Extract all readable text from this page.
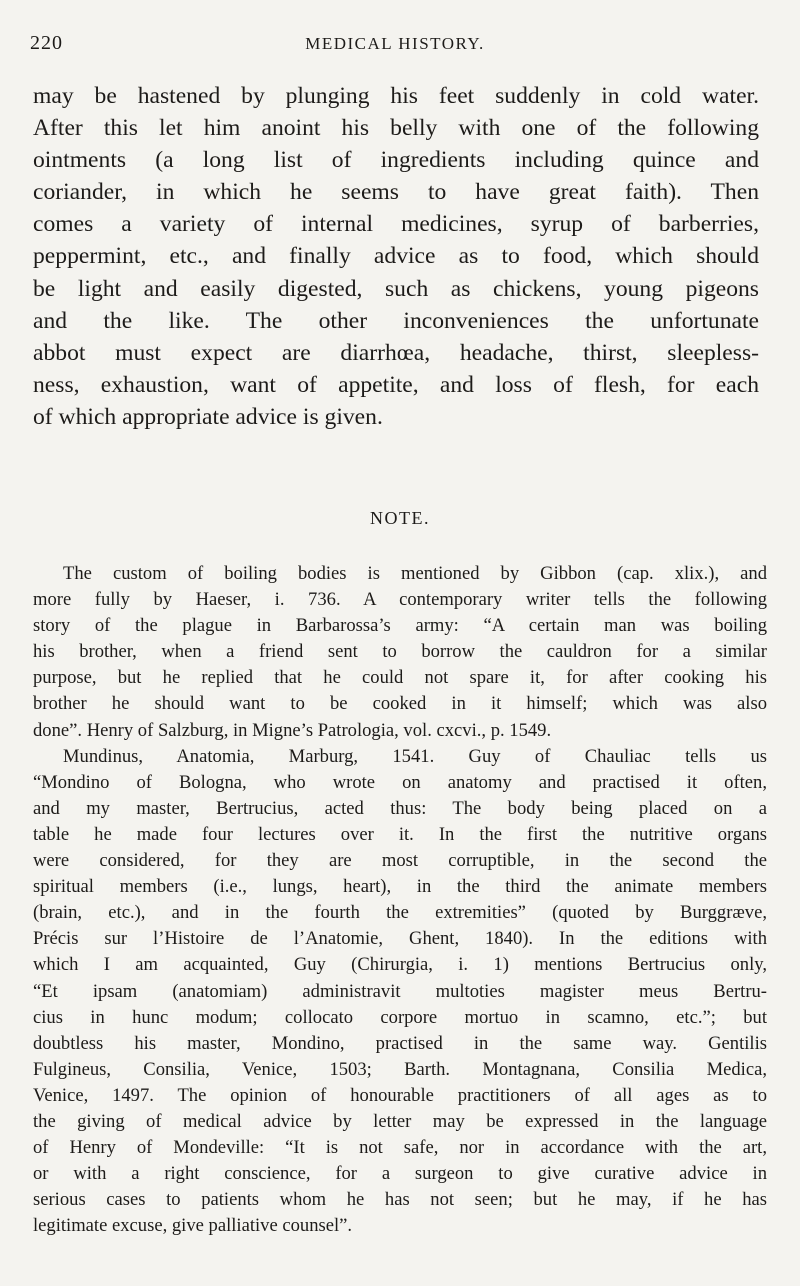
220	MEDICAL HISTORY.
may be hastened by plunging his feet suddenly in cold water.
After this let him anoint his belly with one of the following
ointments (a long list of ingredients including quince and
coriander, in which he seems to have great faith). Then
comes a variety of internal medicines, syrup of barberries,
peppermint, etc., and finally advice as to food, which should
be light and easily digested, such as chickens, young pigeons
and the like. The other inconveniences the unfortunate
abbot must expect are diarrhœa, headache, thirst, sleepless-
ness, exhaustion, want of appetite, and loss of flesh, for each
of which appropriate advice is given.
NOTE.
The custom of boiling bodies is mentioned by Gibbon (cap. xlix.), and
more fully by Haeser, i. 736. A contemporary writer tells the following
story of the plague in Barbarossa’s army: “A certain man was boiling
his brother, when a friend sent to borrow the cauldron for a similar
purpose, but he replied that he could not spare it, for after cooking his
brother he should want to be cooked in it himself; which was also
done”. Henry of Salzburg, in Migne’s Patrologia, vol. cxcvi., p. 1549.
Mundinus, Anatomia, Marburg, 1541. Guy of Chauliac tells us
“Mondino of Bologna, who wrote on anatomy and practised it often,
and my master, Bertrucius, acted thus: The body being placed on a
table he made four lectures over it. In the first the nutritive organs
were considered, for they are most corruptible, in the second the
spiritual members (i.e., lungs, heart), in the third the animate members
(brain, etc.), and in the fourth the extremities” (quoted by Burggræve,
Précis sur l’Histoire de l’Anatomie, Ghent, 1840). In the editions with
which I am acquainted, Guy (Chirurgia, i. 1) mentions Bertrucius only,
“Et ipsam (anatomiam) administravit multoties magister meus Bertru-
cius in hunc modum; collocato corpore mortuo in scamno, etc.”; but
doubtless his master, Mondino, practised in the same way. Gentilis
Fulgineus, Consilia, Venice, 1503; Barth. Montagnana, Consilia Medica,
Venice, 1497. The opinion of honourable practitioners of all ages as to
the giving of medical advice by letter may be expressed in the language
of Henry of Mondeville: “It is not safe, nor in accordance with the art,
or with a right conscience, for a surgeon to give curative advice in
serious cases to patients whom he has not seen; but he may, if he has
legitimate excuse, give palliative counsel”.
